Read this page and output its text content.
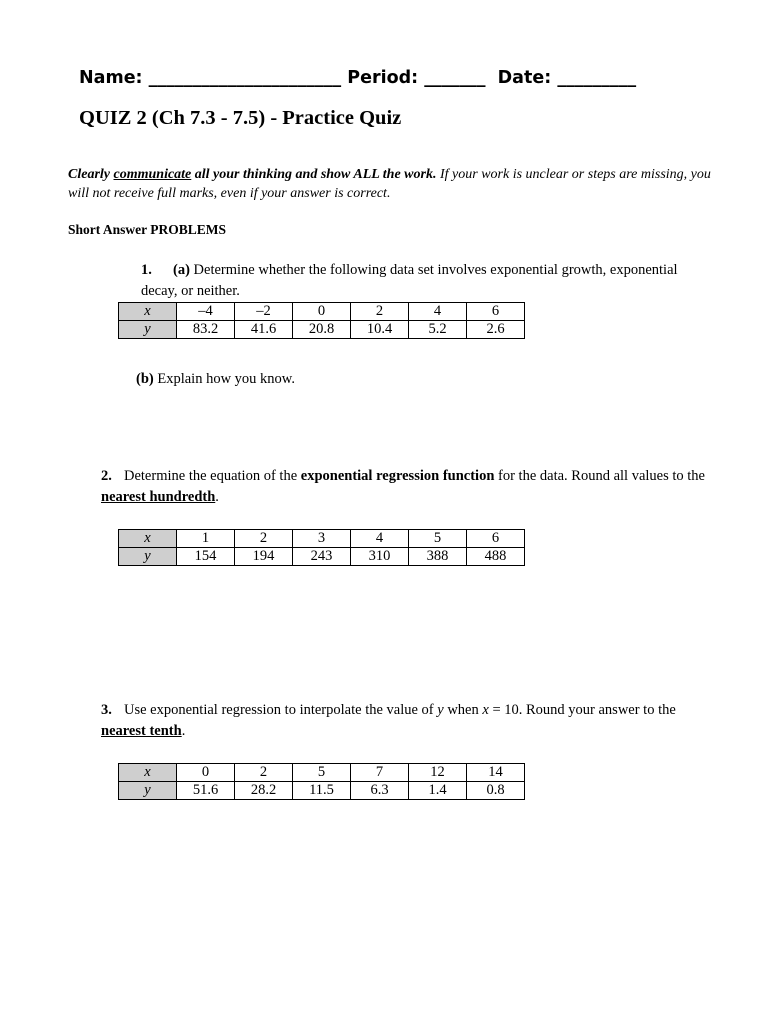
Name: ______________________ Period: _______ Date: _________
QUIZ 2 (Ch 7.3 - 7.5) - Practice Quiz
Clearly communicate all your thinking and show ALL the work. If your work is unclear or steps are missing, you will not receive full marks, even if your answer is correct.
Short Answer PROBLEMS
1. (a) Determine whether the following data set involves exponential growth, exponential decay, or neither.
x	–4	–2	0	2	4	6
y	83.2	41.6	20.8	10.4	5.2	2.6
(b) Explain how you know.
2. Determine the equation of the exponential regression function for the data. Round all values to the nearest hundredth.
x	1	2	3	4	5	6
y	154	194	243	310	388	488
3. Use exponential regression to interpolate the value of y when x = 10. Round your answer to the nearest tenth.
x	0	2	5	7	12	14
y	51.6	28.2	11.5	6.3	1.4	0.8
